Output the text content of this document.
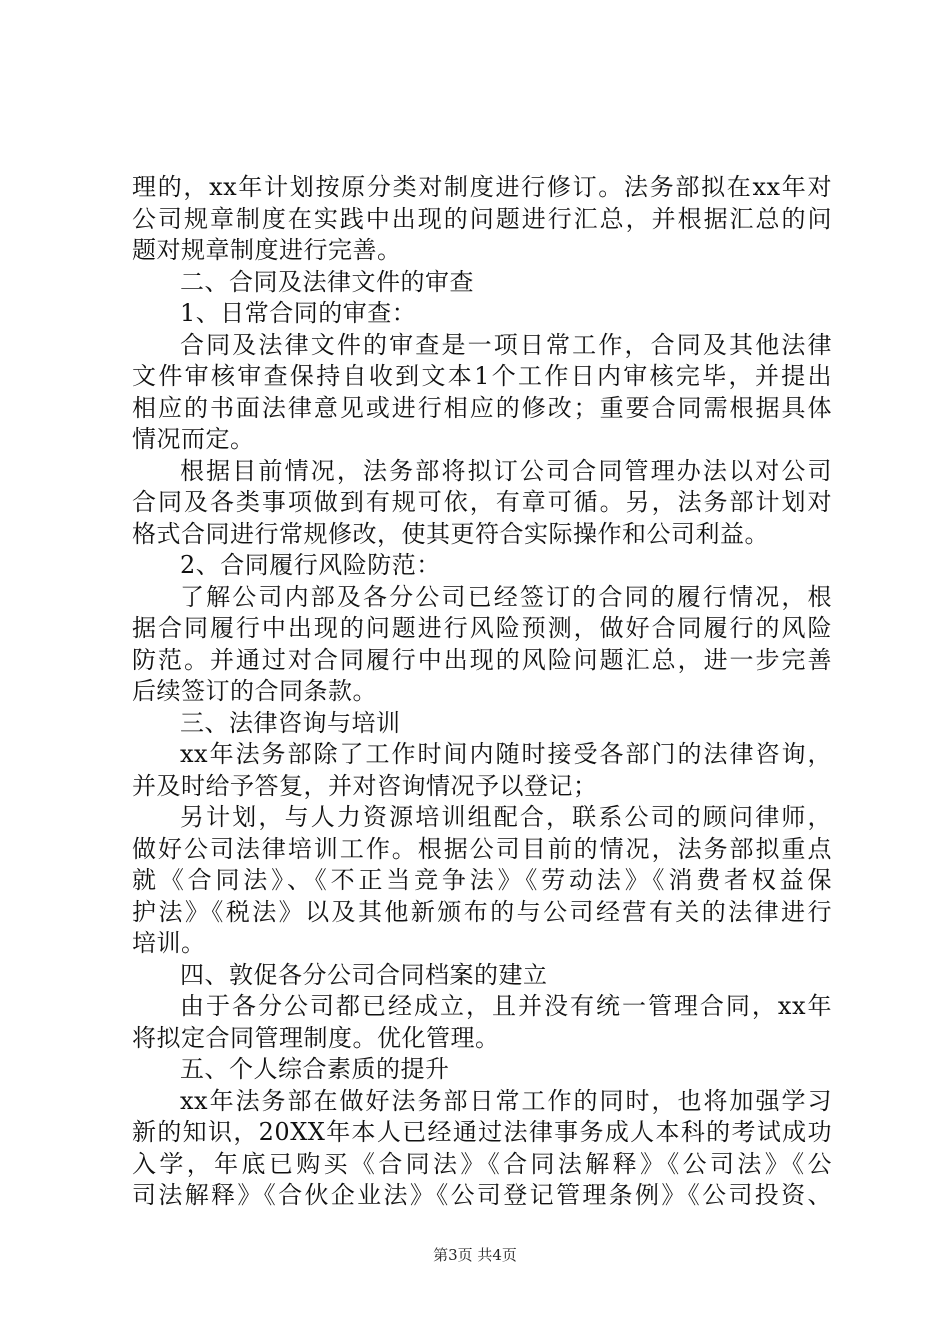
理的，xx年计划按原分类对制度进行修订。法务部拟在xx年对
公司规章制度在实践中出现的问题进行汇总，并根据汇总的问
题对规章制度进行完善。
二、合同及法律文件的审查
1、日常合同的审查：
合同及法律文件的审查是一项日常工作，合同及其他法律
文件审核审查保持自收到文本1个工作日内审核完毕，并提出
相应的书面法律意见或进行相应的修改；重要合同需根据具体
情况而定。
根据目前情况，法务部将拟订公司合同管理办法以对公司
合同及各类事项做到有规可依，有章可循。另，法务部计划对
格式合同进行常规修改，使其更符合实际操作和公司利益。
2、合同履行风险防范：
了解公司内部及各分公司已经签订的合同的履行情况，根
据合同履行中出现的问题进行风险预测，做好合同履行的风险
防范。并通过对合同履行中出现的风险问题汇总，进一步完善
后续签订的合同条款。
三、法律咨询与培训
xx年法务部除了工作时间内随时接受各部门的法律咨询，
并及时给予答复，并对咨询情况予以登记；
另计划，与人力资源培训组配合，联系公司的顾问律师，
做好公司法律培训工作。根据公司目前的情况，法务部拟重点
就《合同法》、《不正当竞争法》《劳动法》《消费者权益保
护法》《税法》以及其他新颁布的与公司经营有关的法律进行
培训。
四、敦促各分公司合同档案的建立
由于各分公司都已经成立，且并没有统一管理合同，xx年
将拟定合同管理制度。优化管理。
五、个人综合素质的提升
xx年法务部在做好法务部日常工作的同时，也将加强学习
新的知识，20XX年本人已经通过法律事务成人本科的考试成功
入学，年底已购买《合同法》《合同法解释》《公司法》《公
司法解释》《合伙企业法》《公司登记管理条例》《公司投资、
第3页 共4页
